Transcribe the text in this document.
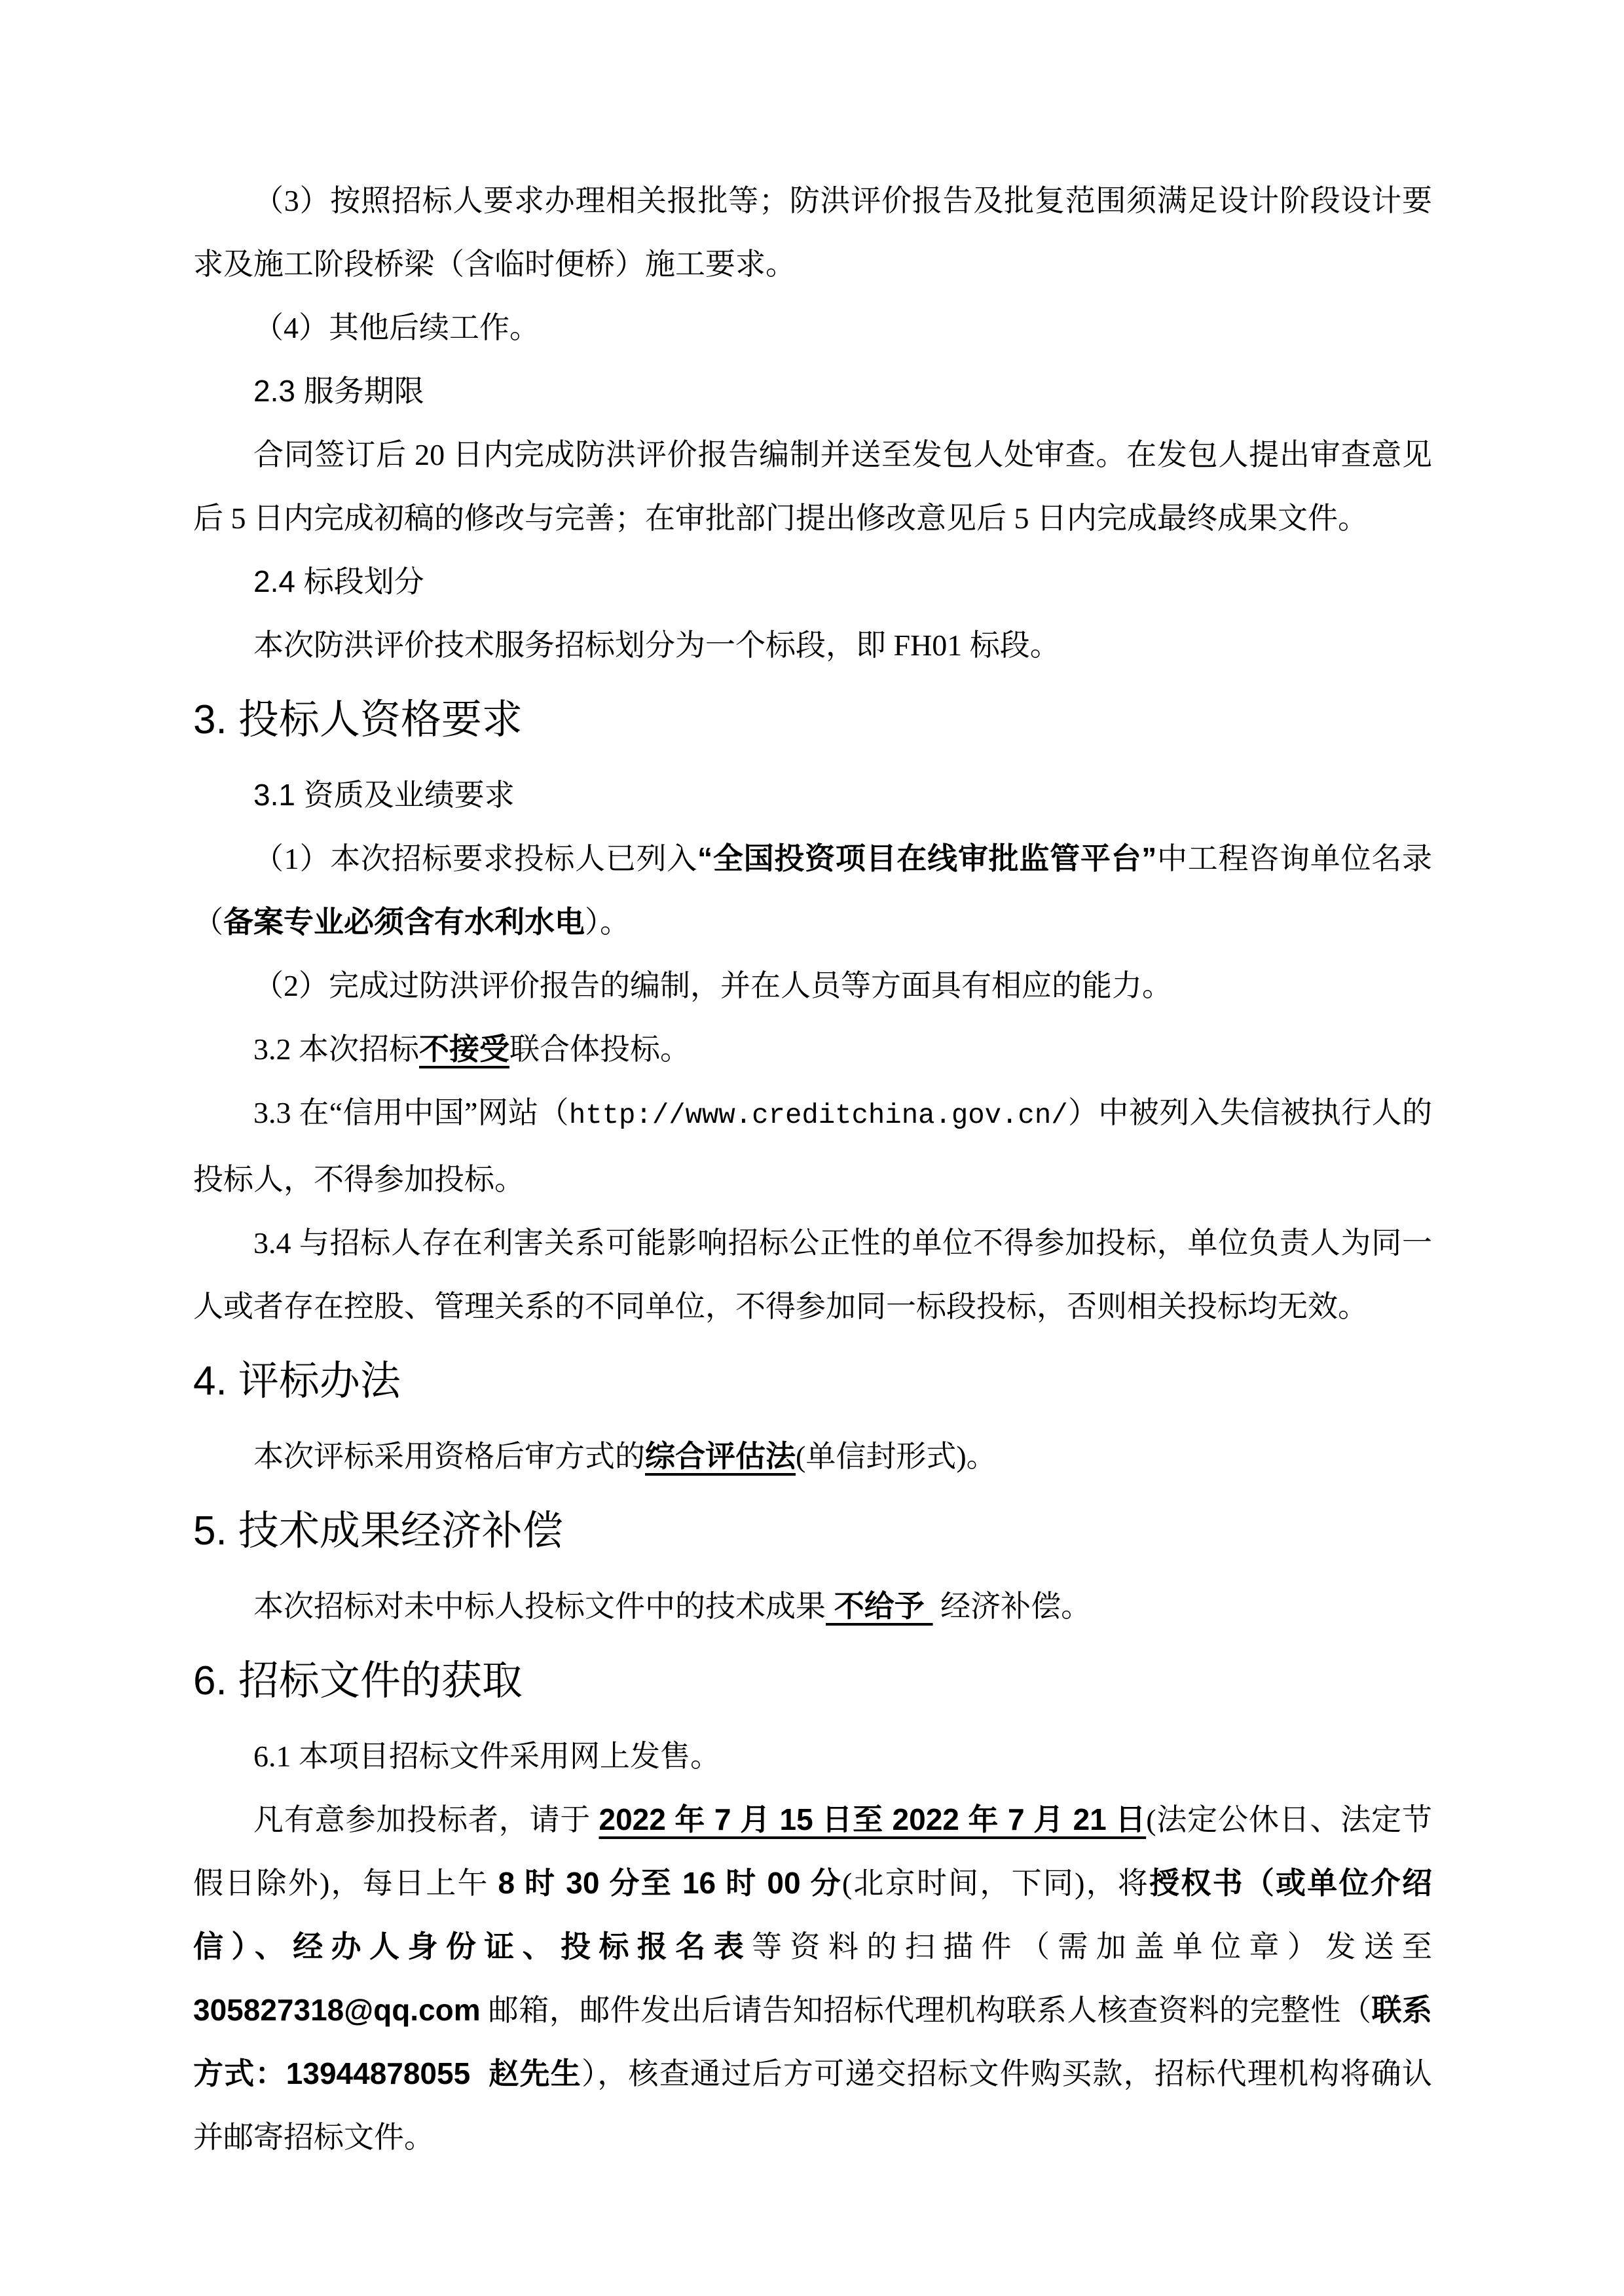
（3）按照招标人要求办理相关报批等；防洪评价报告及批复范围须满足设计阶段设计要求及施工阶段桥梁（含临时便桥）施工要求。

（4）其他后续工作。

2.3 服务期限

合同签订后 20 日内完成防洪评价报告编制并送至发包人处审查。在发包人提出审查意见后 5 日内完成初稿的修改与完善；在审批部门提出修改意见后 5 日内完成最终成果文件。

2.4 标段划分

本次防洪评价技术服务招标划分为一个标段，即 FH01 标段。

3. 投标人资格要求

3.1 资质及业绩要求

（1）本次招标要求投标人已列入“全国投资项目在线审批监管平台”中工程咨询单位名录（备案专业必须含有水利水电）。

（2）完成过防洪评价报告的编制，并在人员等方面具有相应的能力。

3.2 本次招标不接受联合体投标。

3.3 在“信用中国”网站（http://www.creditchina.gov.cn/）中被列入失信被执行人的投标人，不得参加投标。

3.4 与招标人存在利害关系可能影响招标公正性的单位不得参加投标，单位负责人为同一人或者存在控股、管理关系的不同单位，不得参加同一标段投标，否则相关投标均无效。

4. 评标办法

本次评标采用资格后审方式的综合评估法(单信封形式)。

5. 技术成果经济补偿

本次招标对未中标人投标文件中的技术成果 不给予  经济补偿。

6. 招标文件的获取

6.1 本项目招标文件采用网上发售。

凡有意参加投标者，请于 2022 年 7 月 15 日至 2022 年 7 月 21 日(法定公休日、法定节假日除外)，每日上午 8 时 30 分至 16 时 00 分(北京时间，下同)，将授权书（或单位介绍信）、经办人身份证、投标报名表等资料的扫描件（需加盖单位章）发送至 305827318@qq.com 邮箱，邮件发出后请告知招标代理机构联系人核查资料的完整性（联系方式：13944878055  赵先生），核查通过后方可递交招标文件购买款，招标代理机构将确认并邮寄招标文件。
